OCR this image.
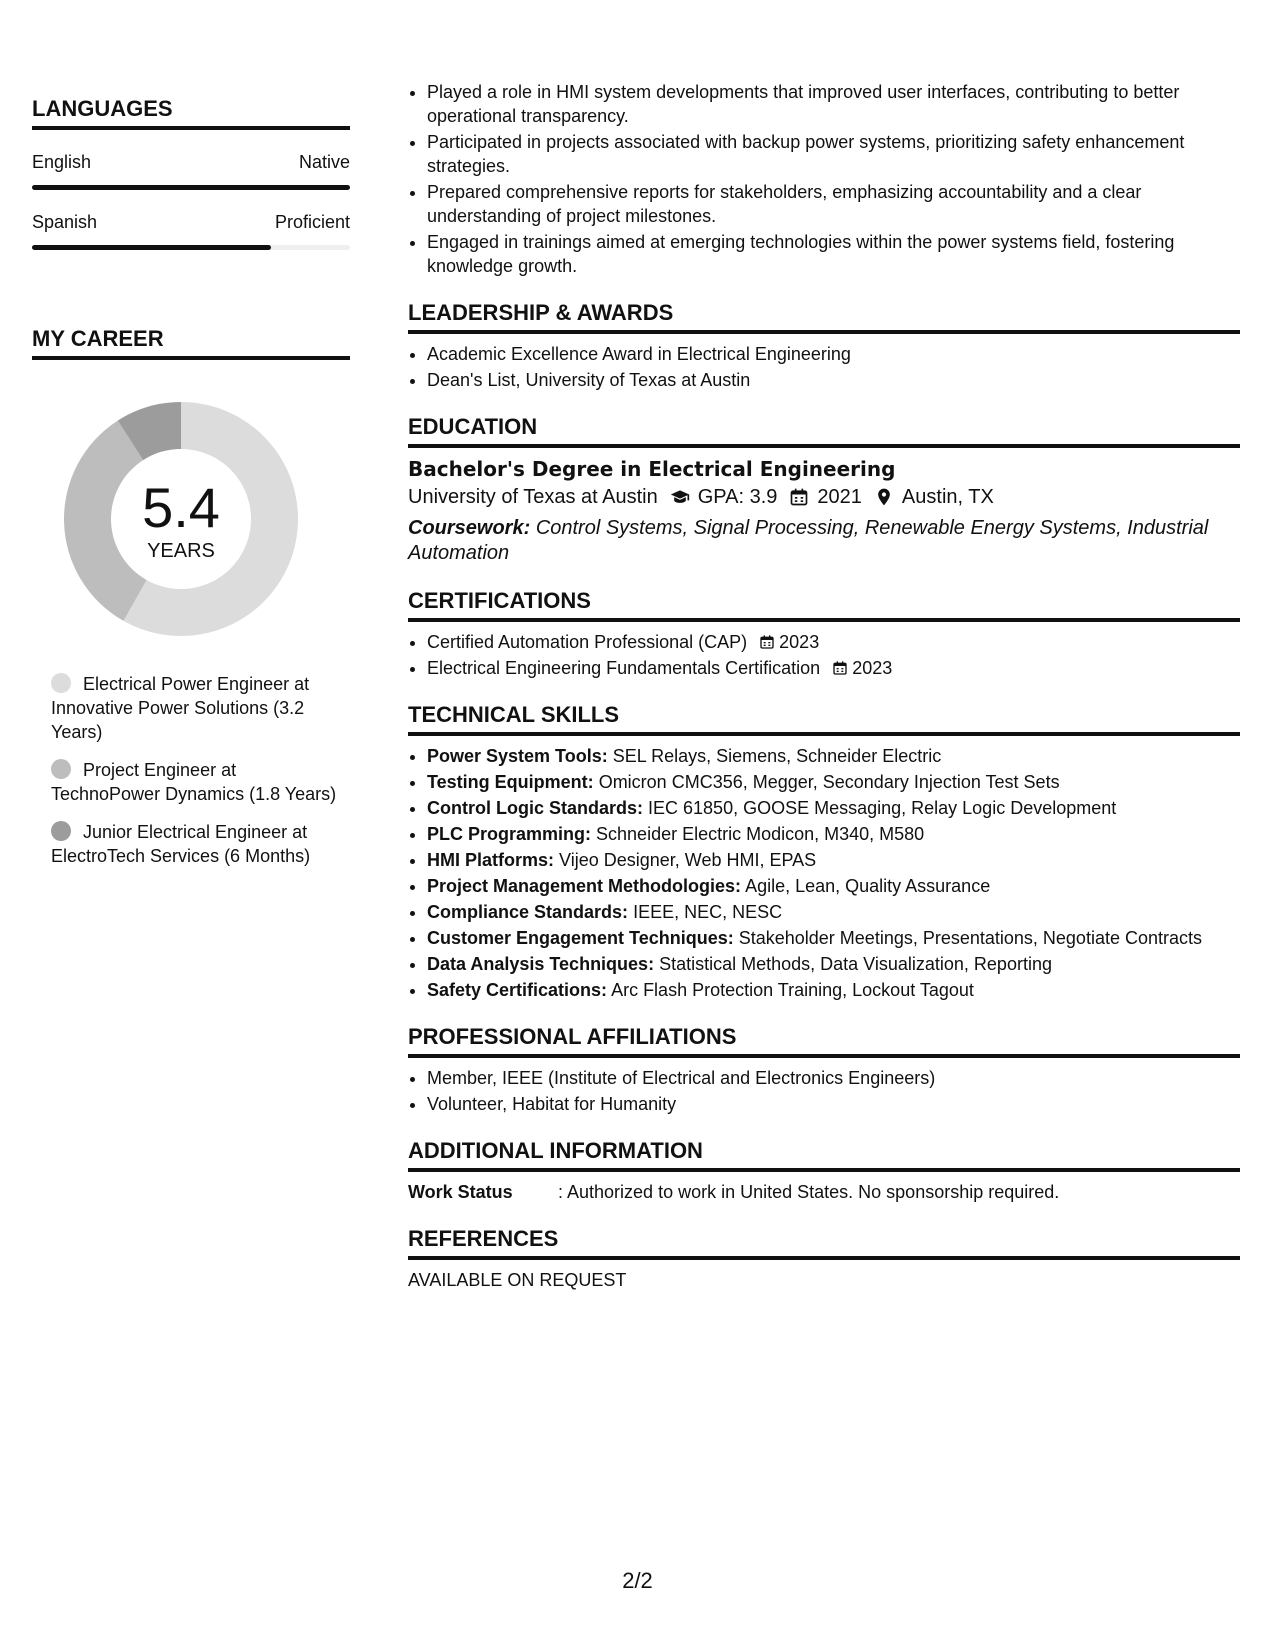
LANGUAGES
English	Native
Spanish	Proficient
MY CAREER
5.4
YEARS
Electrical Power Engineer at Innovative Power Solutions (3.2 Years)
Project Engineer at TechnoPower Dynamics (1.8 Years)
Junior Electrical Engineer at ElectroTech Services (6 Months)
• Played a role in HMI system developments that improved user interfaces, contributing to better operational transparency.
• Participated in projects associated with backup power systems, prioritizing safety enhancement strategies.
• Prepared comprehensive reports for stakeholders, emphasizing accountability and a clear understanding of project milestones.
• Engaged in trainings aimed at emerging technologies within the power systems field, fostering knowledge growth.
LEADERSHIP & AWARDS
• Academic Excellence Award in Electrical Engineering
• Dean's List, University of Texas at Austin
EDUCATION
Bachelor's Degree in Electrical Engineering
University of Texas at Austin GPA: 3.9 2021 Austin, TX
Coursework: Control Systems, Signal Processing, Renewable Energy Systems, Industrial Automation
CERTIFICATIONS
• Certified Automation Professional (CAP) 2023
• Electrical Engineering Fundamentals Certification 2023
TECHNICAL SKILLS
• Power System Tools: SEL Relays, Siemens, Schneider Electric
• Testing Equipment: Omicron CMC356, Megger, Secondary Injection Test Sets
• Control Logic Standards: IEC 61850, GOOSE Messaging, Relay Logic Development
• PLC Programming: Schneider Electric Modicon, M340, M580
• HMI Platforms: Vijeo Designer, Web HMI, EPAS
• Project Management Methodologies: Agile, Lean, Quality Assurance
• Compliance Standards: IEEE, NEC, NESC
• Customer Engagement Techniques: Stakeholder Meetings, Presentations, Negotiate Contracts
• Data Analysis Techniques: Statistical Methods, Data Visualization, Reporting
• Safety Certifications: Arc Flash Protection Training, Lockout Tagout
PROFESSIONAL AFFILIATIONS
• Member, IEEE (Institute of Electrical and Electronics Engineers)
• Volunteer, Habitat for Humanity
ADDITIONAL INFORMATION
Work Status	: Authorized to work in United States. No sponsorship required.
REFERENCES
AVAILABLE ON REQUEST
2/2
